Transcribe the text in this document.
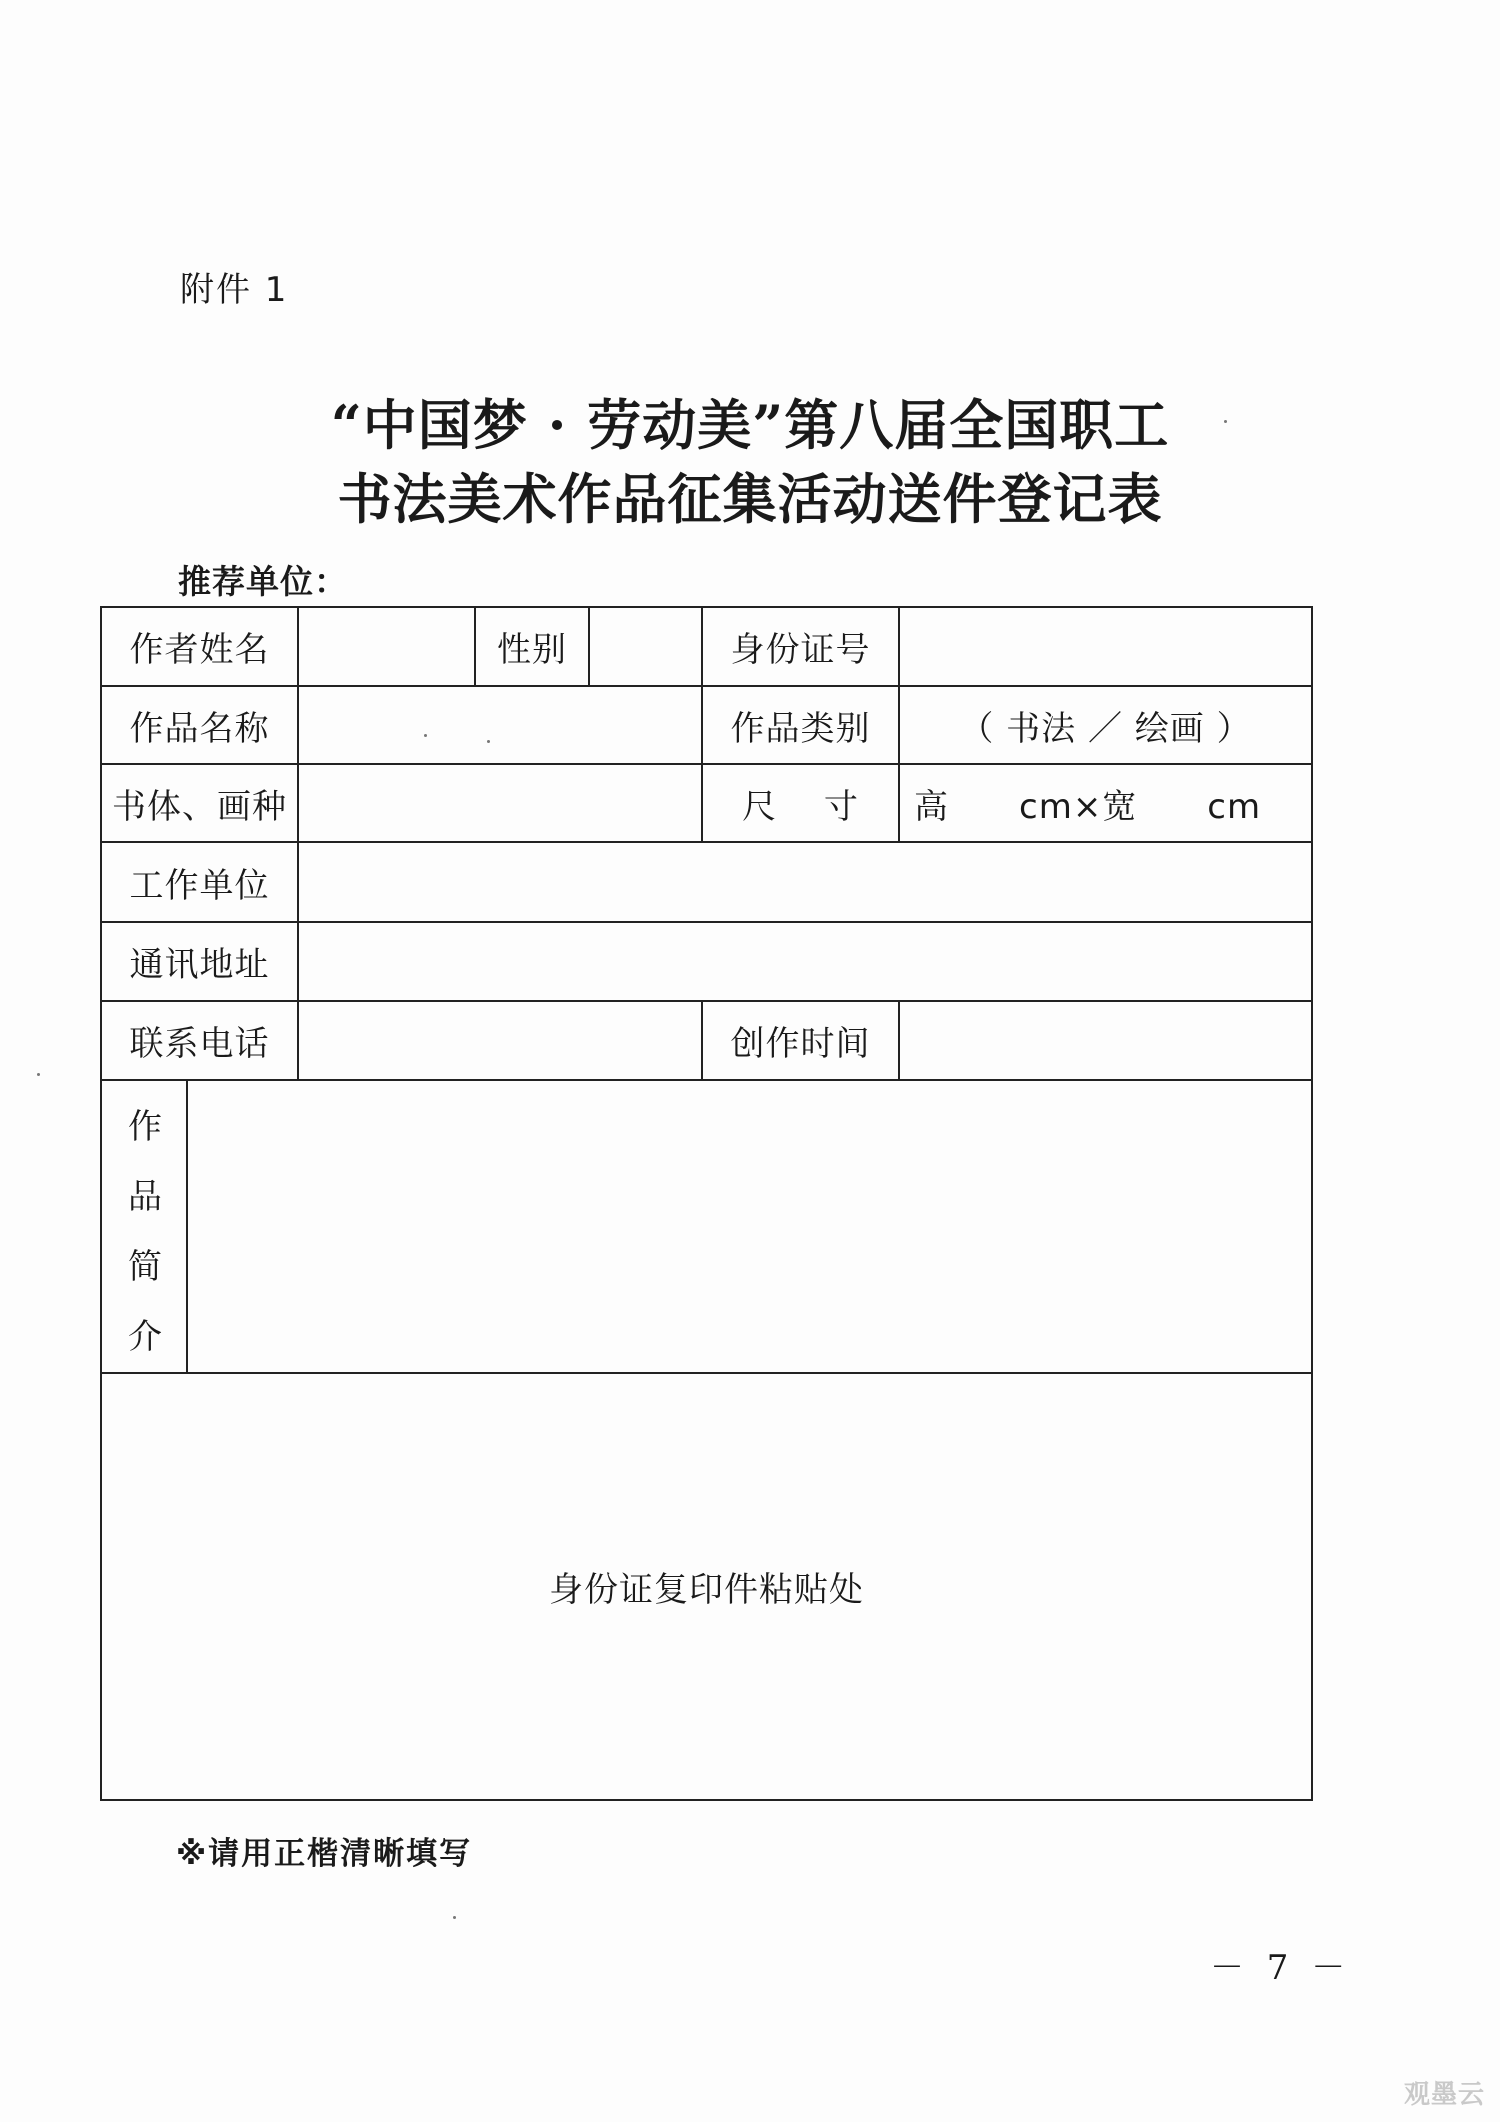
附件 1
“中国梦 · 劳动美”第八届全国职工
书法美术作品征集活动送件登记表
推荐单位：
作者姓名	性别	身份证号
作品名称	作品类别	（ 书法 ／ 绘画 ）
书体、画种	尺　 寸	高　　cm×宽　　cm
工作单位
通讯地址
联系电话	创作时间
作
品
简
介
身份证复印件粘贴处
※请用正楷清晰填写
－ 7 －
观墨云
